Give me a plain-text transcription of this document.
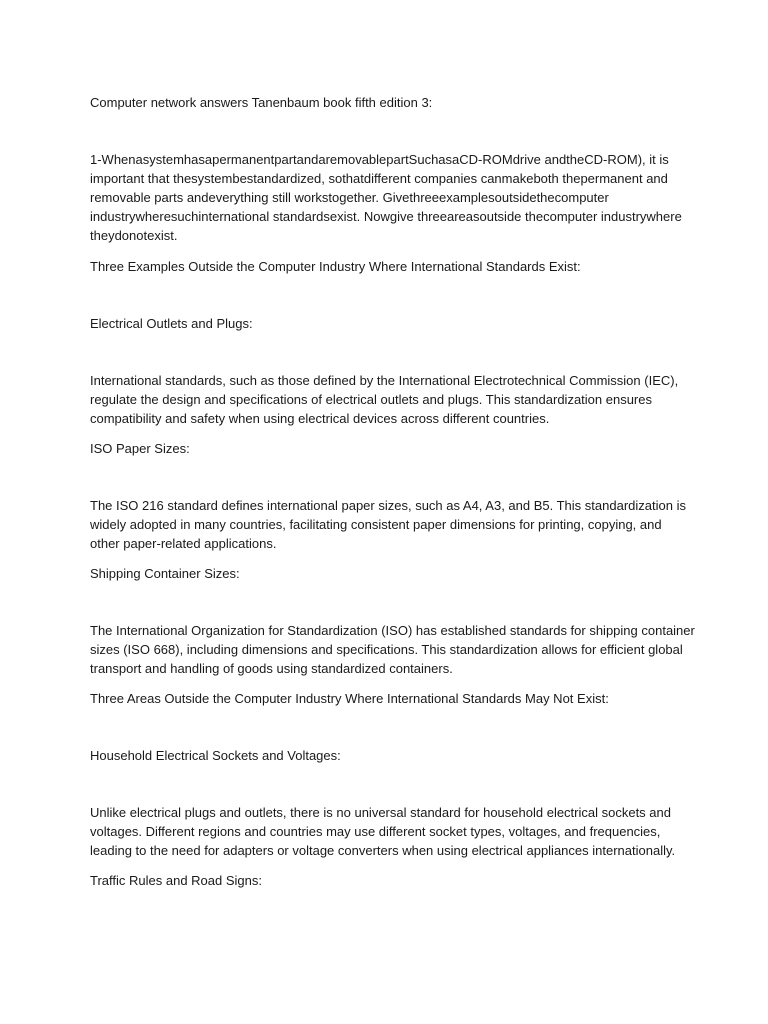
Computer network answers Tanenbaum book fifth edition 3:

1-WhenasystemhasapermanentpartandaremovablepartSuchasaCD-ROMdrive andtheCD-ROM), it is
important that thesystembestandardized, sothatdifferent companies canmakeboth thepermanent and
removable parts andeverything still workstogether. Givethreeexamplesoutsidethecomputer
industrywheresuchinternational standardsexist. Nowgive threeareasoutside thecomputer industrywhere
theydonotexist.

Three Examples Outside the Computer Industry Where International Standards Exist:

Electrical Outlets and Plugs:

International standards, such as those defined by the International Electrotechnical Commission (IEC),
regulate the design and specifications of electrical outlets and plugs. This standardization ensures
compatibility and safety when using electrical devices across different countries.

ISO Paper Sizes:

The ISO 216 standard defines international paper sizes, such as A4, A3, and B5. This standardization is
widely adopted in many countries, facilitating consistent paper dimensions for printing, copying, and
other paper-related applications.

Shipping Container Sizes:

The International Organization for Standardization (ISO) has established standards for shipping container
sizes (ISO 668), including dimensions and specifications. This standardization allows for efficient global
transport and handling of goods using standardized containers.

Three Areas Outside the Computer Industry Where International Standards May Not Exist:

Household Electrical Sockets and Voltages:

Unlike electrical plugs and outlets, there is no universal standard for household electrical sockets and
voltages. Different regions and countries may use different socket types, voltages, and frequencies,
leading to the need for adapters or voltage converters when using electrical appliances internationally.

Traffic Rules and Road Signs:
